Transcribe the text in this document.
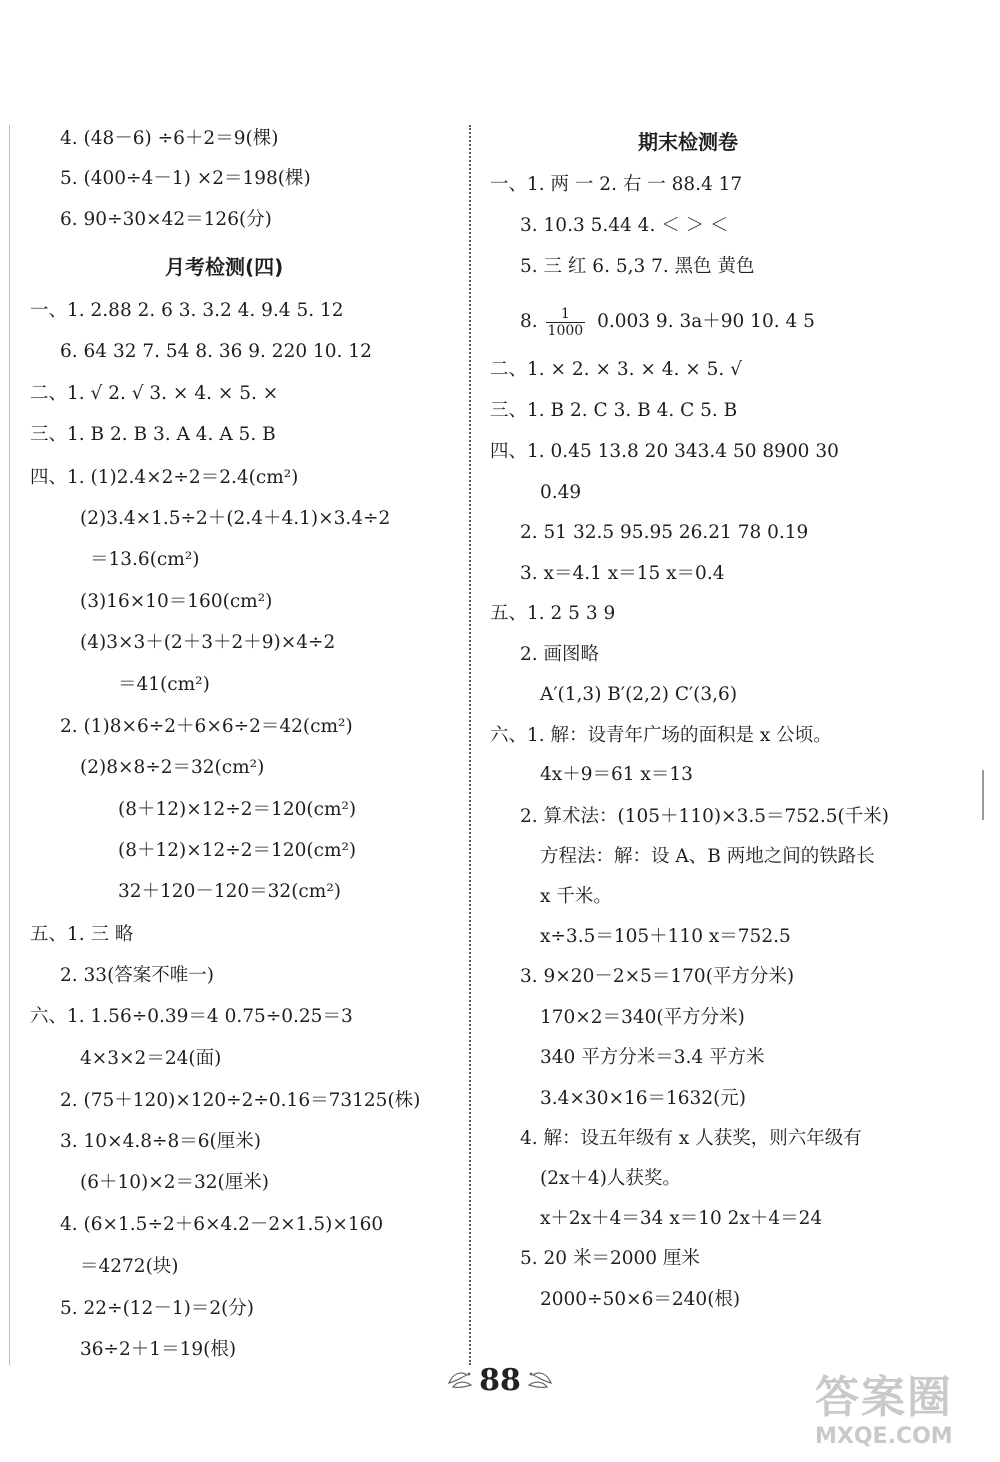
4. (48－6) ÷6＋2＝9(棵)
5. (400÷4－1) ×2＝198(棵)
6. 90÷30×42＝126(分)
月考检测(四)
一、1. 2.88 2. 6 3. 3.2 4. 9.4 5. 12
6. 64 32 7. 54 8. 36 9. 220 10. 12
二、1. √ 2. √ 3. × 4. × 5. ×
三、1. B 2. B 3. A 4. A 5. B
四、1. (1)2.4×2÷2＝2.4(cm²)
(2)3.4×1.5÷2＋(2.4＋4.1)×3.4÷2
＝13.6(cm²)
(3)16×10＝160(cm²)
(4)3×3＋(2＋3＋2＋9)×4÷2
＝41(cm²)
2. (1)8×6÷2＋6×6÷2＝42(cm²)
(2)8×8÷2＝32(cm²)
(8＋12)×12÷2＝120(cm²)
(8＋12)×12÷2＝120(cm²)
32＋120－120＝32(cm²)
五、1. 三 略
2. 33(答案不唯一)
六、1. 1.56÷0.39＝4 0.75÷0.25＝3
4×3×2＝24(面)
2. (75＋120)×120÷2÷0.16＝73125(株)
3. 10×4.8÷8＝6(厘米)
(6＋10)×2＝32(厘米)
4. (6×1.5÷2＋6×4.2－2×1.5)×160
＝4272(块)
5. 22÷(12－1)＝2(分)
36÷2＋1＝19(根)
期末检测卷
一、1. 两 一 2. 右 一 88.4 17
3. 10.3 5.44 4. ＜ ＞ ＜
5. 三 红 6. 5,3 7. 黑色 黄色
8. $\frac{1}{1000} 0.003$ 9. 3a＋90 10. 4 5
二、1. × 2. × 3. × 4. × 5. √
三、1. B 2. C 3. B 4. C 5. B
四、1. 0.45 13.8 20 343.4 50 8900 30
0.49
2. 51 32.5 95.95 26.21 78 0.19
3. x＝4.1 x＝15 x＝0.4
五、1. 2 5 3 9
2. 画图略
A′(1,3) B′(2,2) C′(3,6)
六、1. 解：设青年广场的面积是 x 公顷。
4x＋9＝61 x＝13
2. 算术法：(105＋110)×3.5＝752.5(千米)
方程法：解：设 A、B 两地之间的铁路长
x 千米。
x÷3.5＝105＋110 x＝752.5
3. 9×20－2×5＝170(平方分米)
170×2＝340(平方分米)
340 平方分米＝3.4 平方米
3.4×30×16＝1632(元)
4. 解：设五年级有 x 人获奖，则六年级有
(2x＋4)人获奖。
x＋2x＋4＝34 x＝10 2x＋4＝24
5. 20 米＝2000 厘米
2000÷50×6＝240(根)
88	答案圈
MXQE.COM
